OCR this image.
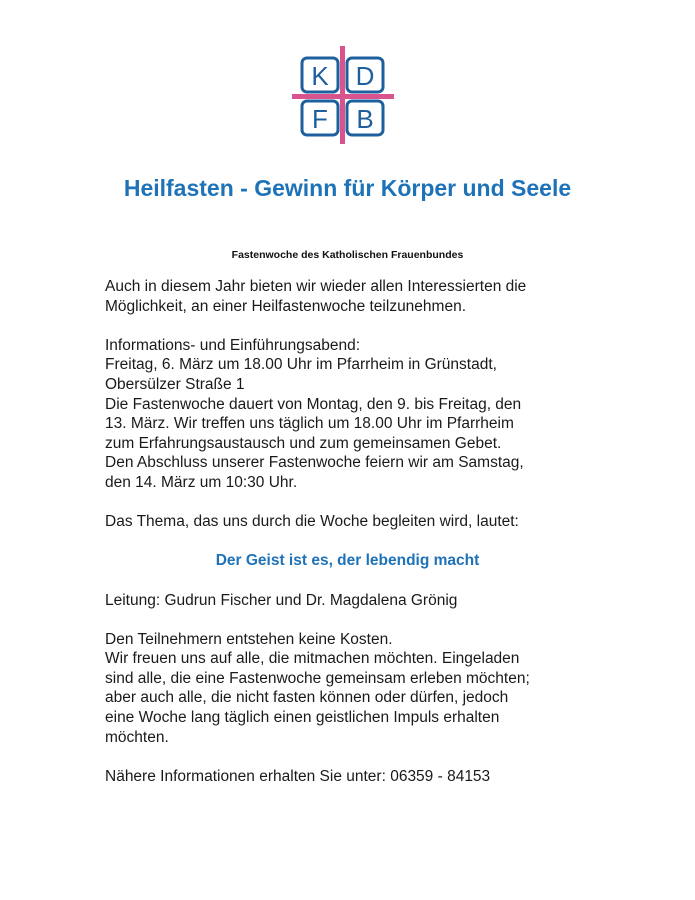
K D
F B
Heilfasten - Gewinn für Körper und Seele

Fastenwoche des Katholischen Frauenbundes

Auch in diesem Jahr bieten wir wieder allen Interessierten die

Möglichkeit, an einer Heilfastenwoche teilzunehmen.

Informations- und Einführungsabend:

Freitag, 6. März um 18.00 Uhr im Pfarrheim in Grünstadt,

Obersülzer Straße 1

Die Fastenwoche dauert von Montag, den 9. bis Freitag, den

13. März. Wir treffen uns täglich um 18.00 Uhr im Pfarrheim

zum Erfahrungsaustausch und zum gemeinsamen Gebet.

Den Abschluss unserer Fastenwoche feiern wir am Samstag,

den 14. März um 10:30 Uhr.

Das Thema, das uns durch die Woche begleiten wird, lautet:

Der Geist ist es, der lebendig macht

Leitung: Gudrun Fischer und Dr. Magdalena Grönig

Den Teilnehmern entstehen keine Kosten.

Wir freuen uns auf alle, die mitmachen möchten. Eingeladen

sind alle, die eine Fastenwoche gemeinsam erleben möchten;

aber auch alle, die nicht fasten können oder dürfen, jedoch

eine Woche lang täglich einen geistlichen Impuls erhalten

möchten.

Nähere Informationen erhalten Sie unter: 06359 - 84153
